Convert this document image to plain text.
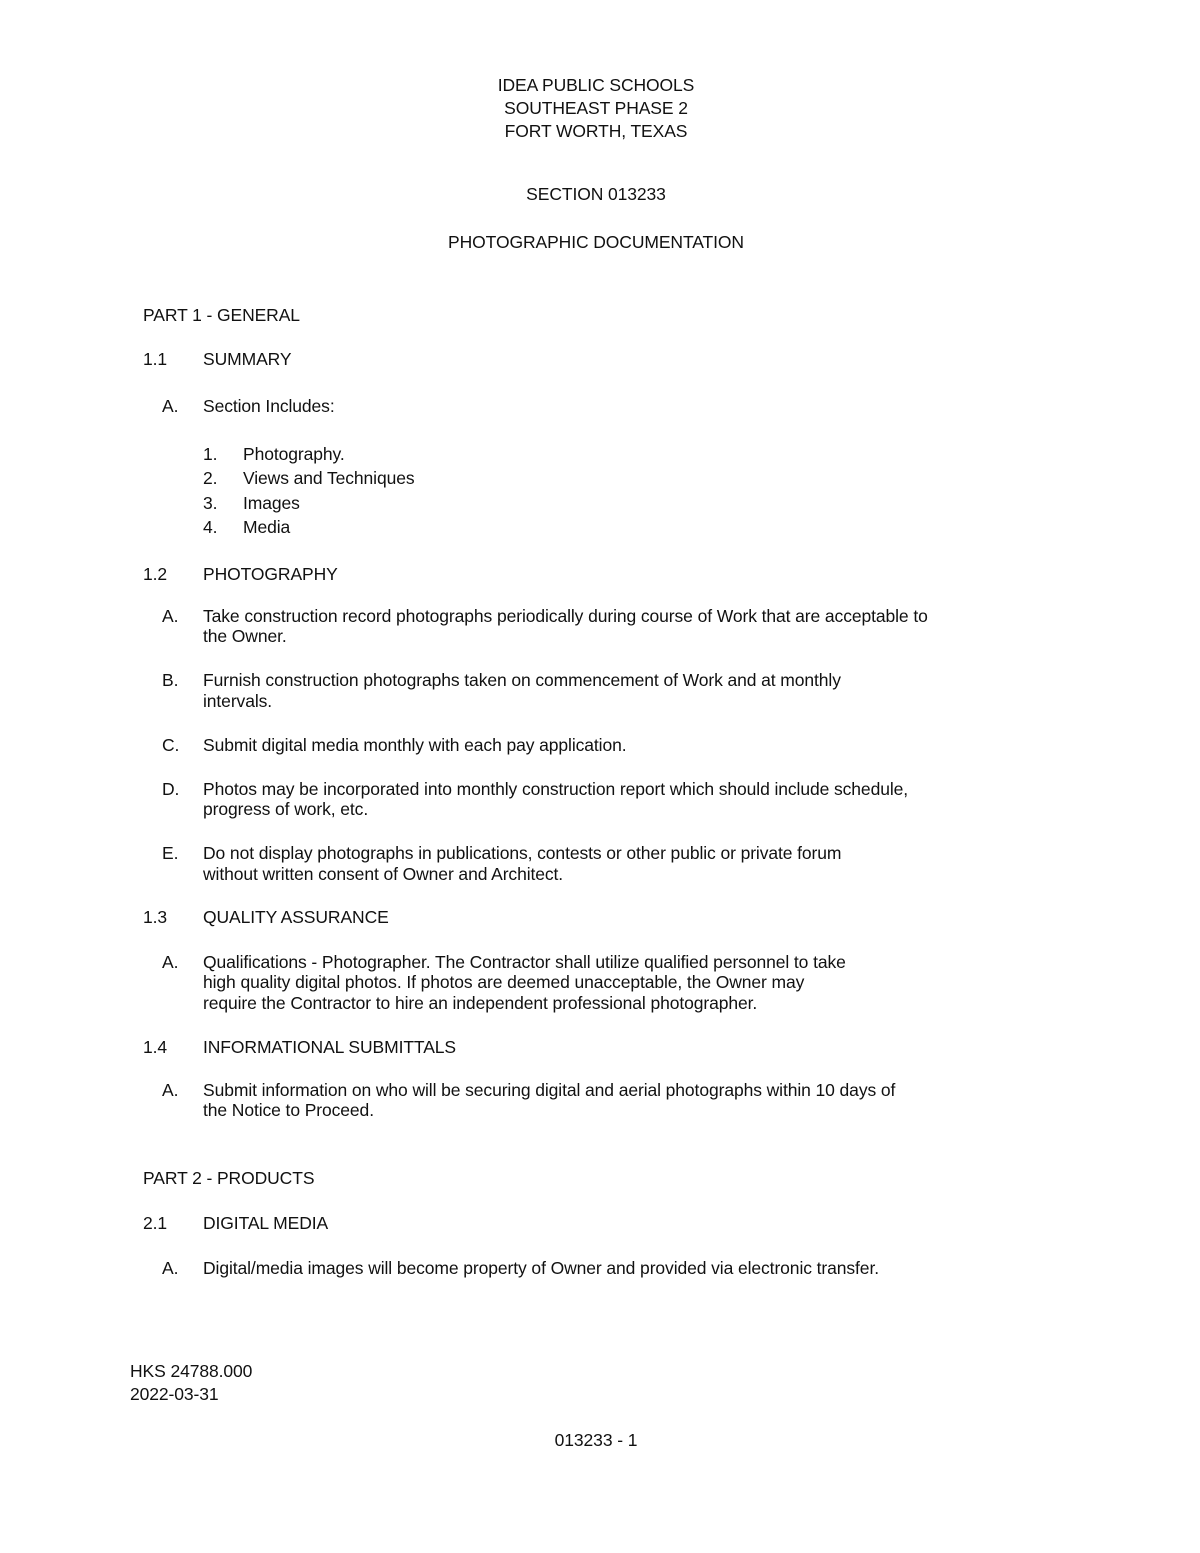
IDEA PUBLIC SCHOOLS
SOUTHEAST PHASE 2
FORT WORTH, TEXAS
SECTION 013233
PHOTOGRAPHIC DOCUMENTATION
PART 1 - GENERAL
1.1 SUMMARY
A. Section Includes:
1. Photography.
2. Views and Techniques
3. Images
4. Media
1.2 PHOTOGRAPHY
A. Take construction record photographs periodically during course of Work that are acceptable to
the Owner.
B. Furnish construction photographs taken on commencement of Work and at monthly
intervals.
C. Submit digital media monthly with each pay application.
D. Photos may be incorporated into monthly construction report which should include schedule,
progress of work, etc.
E. Do not display photographs in publications, contests or other public or private forum
without written consent of Owner and Architect.
1.3 QUALITY ASSURANCE
A. Qualifications - Photographer. The Contractor shall utilize qualified personnel to take
high quality digital photos. If photos are deemed unacceptable, the Owner may
require the Contractor to hire an independent professional photographer.
1.4 INFORMATIONAL SUBMITTALS
A. Submit information on who will be securing digital and aerial photographs within 10 days of
the Notice to Proceed.
PART 2 - PRODUCTS
2.1 DIGITAL MEDIA
A. Digital/media images will become property of Owner and provided via electronic transfer.
HKS 24788.000
2022-03-31
013233 - 1
